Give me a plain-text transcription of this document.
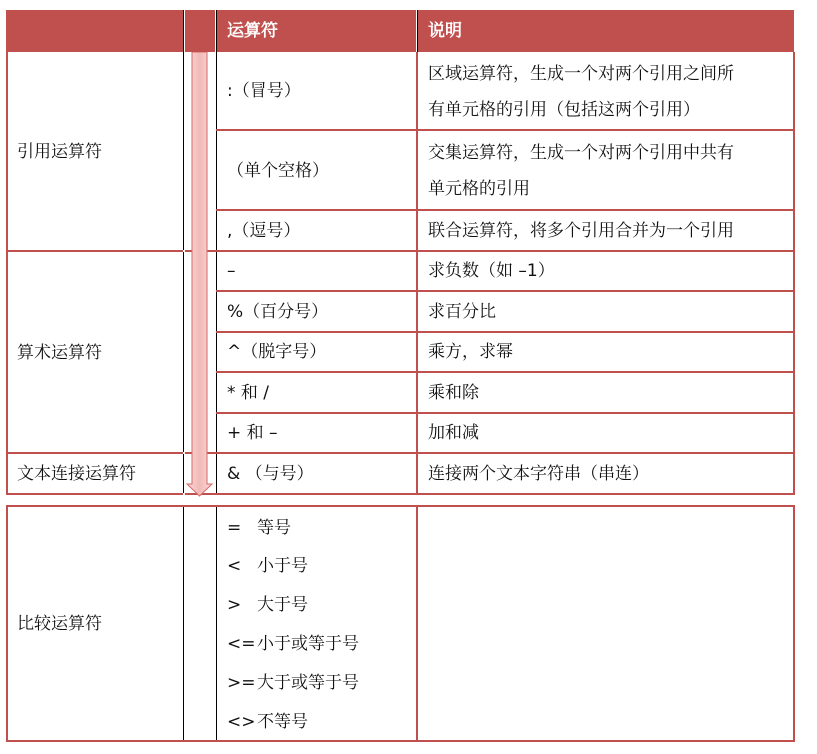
运算符	说明
引用运算符
算术运算符
文本连接运算符
:（冒号）
（单个空格）
,（逗号）
–
%（百分号）
^（脱字号）
* 和 /
+ 和 –
& （与号）
区域运算符，生成一个对两个引用之间所
有单元格的引用（包括这两个引用）
交集运算符，生成一个对两个引用中共有
单元格的引用
联合运算符，将多个引用合并为一个引用
求负数（如 –1）
求百分比
乘方，求幂
乘和除
加和减
连接两个文本字符串（串连）
比较运算符
= 等号
< 小于号
> 大于号
<= 小于或等于号
>= 大于或等于号
<> 不等号
